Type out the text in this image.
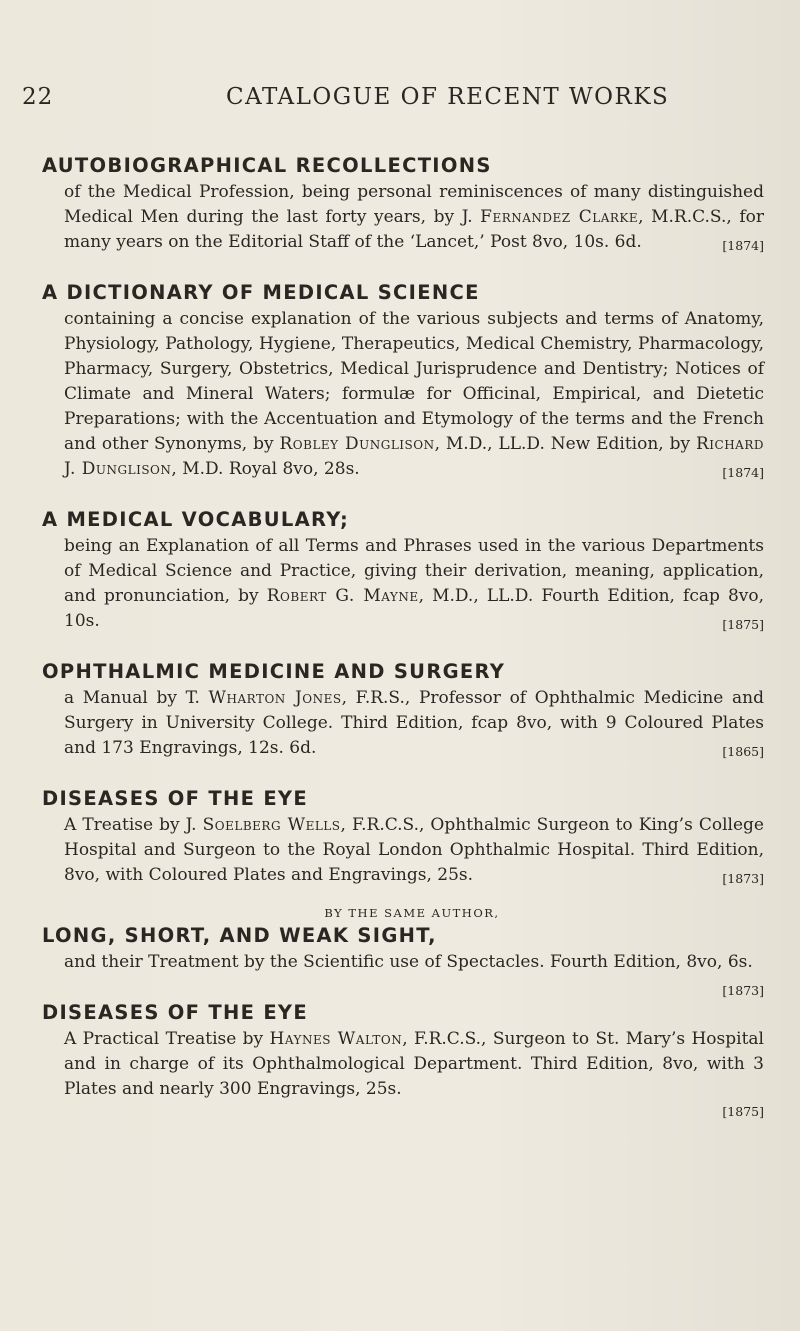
22	CATALOGUE OF RECENT WORKS
AUTOBIOGRAPHICAL RECOLLECTIONS
of the Medical Profession, being personal reminiscences of many distinguished Medical Men during the last forty years, by J. Fernandez Clarke, M.R.C.S., for many years on the Editorial Staff of the ‘Lancet,’ Post 8vo, 10s. 6d.	[1874]
A DICTIONARY OF MEDICAL SCIENCE
containing a concise explanation of the various subjects and terms of Anatomy, Physiology, Pathology, Hygiene, Therapeutics, Medical Chemistry, Pharmacology, Pharmacy, Surgery, Obstetrics, Medical Jurisprudence and Dentistry; Notices of Climate and Mineral Waters; formulæ for Officinal, Empirical, and Dietetic Preparations; with the Accentuation and Etymology of the terms and the French and other Synonyms, by Robley Dunglison, M.D., LL.D. New Edition, by Richard J. Dunglison, M.D. Royal 8vo, 28s.	[1874]
A MEDICAL VOCABULARY;
being an Explanation of all Terms and Phrases used in the various Departments of Medical Science and Practice, giving their derivation, meaning, application, and pronunciation, by Robert G. Mayne, M.D., LL.D. Fourth Edition, fcap 8vo, 10s.	[1875]
OPHTHALMIC MEDICINE AND SURGERY
a Manual by T. Wharton Jones, F.R.S., Professor of Ophthalmic Medicine and Surgery in University College. Third Edition, fcap 8vo, with 9 Coloured Plates and 173 Engravings, 12s. 6d.	[1865]
DISEASES OF THE EYE
A Treatise by J. Soelberg Wells, F.R.C.S., Ophthalmic Surgeon to King’s College Hospital and Surgeon to the Royal London Ophthalmic Hospital. Third Edition, 8vo, with Coloured Plates and Engravings, 25s.	[1873]
BY THE SAME AUTHOR,
LONG, SHORT, AND WEAK SIGHT,
and their Treatment by the Scientific use of Spectacles. Fourth Edition, 8vo, 6s.
[1873]
DISEASES OF THE EYE
A Practical Treatise by Haynes Walton, F.R.C.S., Surgeon to St. Mary’s Hospital and in charge of its Ophthalmological Department. Third Edition, 8vo, with 3 Plates and nearly 300 Engravings, 25s.
[1875]
